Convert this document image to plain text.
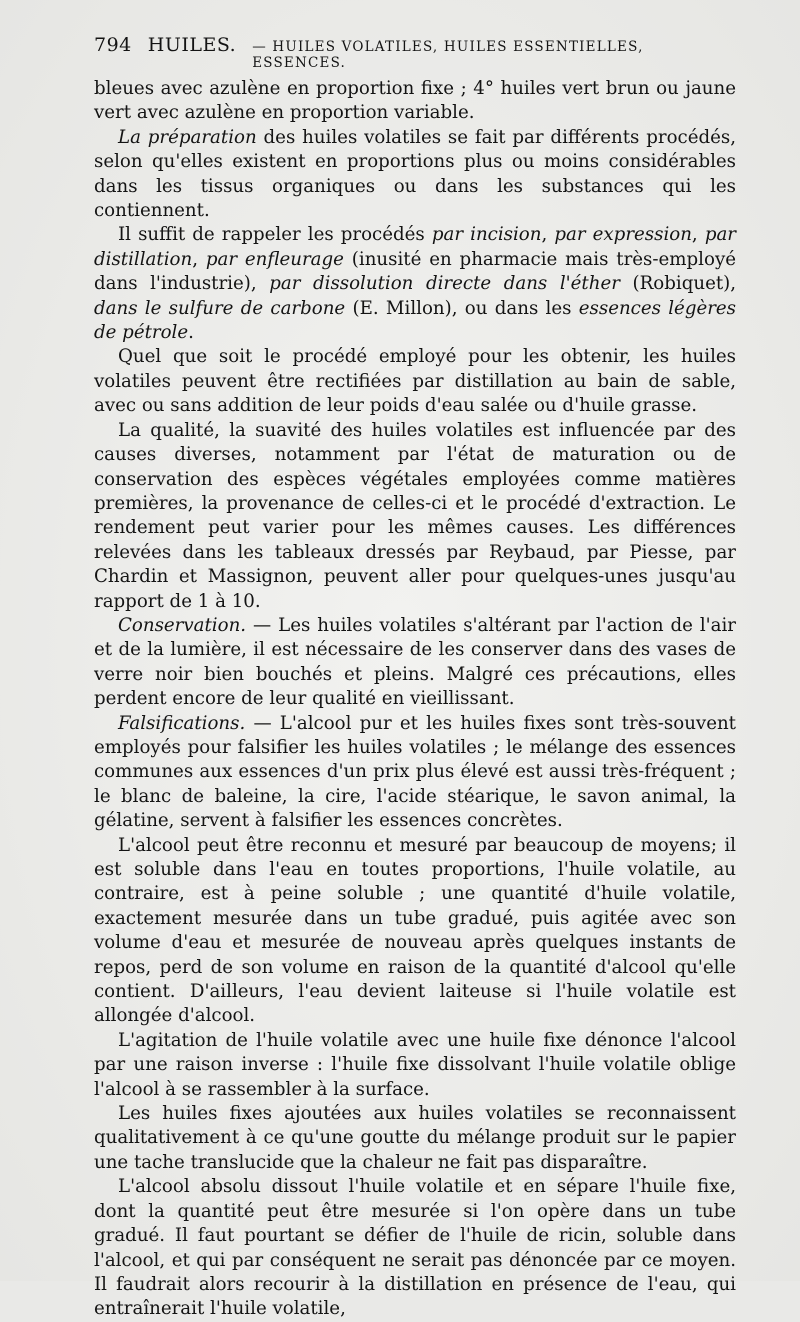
794 HUILES. — HUILES VOLATILES, HUILES ESSENTIELLES, ESSENCES.

bleues avec azulène en proportion fixe ; 4° huiles vert brun ou jaune vert avec azulène en proportion variable.

La préparation des huiles volatiles se fait par différents procédés, selon qu'elles existent en proportions plus ou moins considérables dans les tissus organiques ou dans les substances qui les contiennent.

Il suffit de rappeler les procédés par incision, par expression, par distillation, par enfleurage (inusité en pharmacie mais très-employé dans l'industrie), par dissolution directe dans l'éther (Robiquet), dans le sulfure de carbone (E. Millon), ou dans les essences légères de pétrole.

Quel que soit le procédé employé pour les obtenir, les huiles volatiles peuvent être rectifiées par distillation au bain de sable, avec ou sans addition de leur poids d'eau salée ou d'huile grasse.

La qualité, la suavité des huiles volatiles est influencée par des causes diverses, notamment par l'état de maturation ou de conservation des espèces végétales employées comme matières premières, la provenance de celles-ci et le procédé d'extraction. Le rendement peut varier pour les mêmes causes. Les différences relevées dans les tableaux dressés par Reybaud, par Piesse, par Chardin et Massignon, peuvent aller pour quelques-unes jusqu'au rapport de 1 à 10.

Conservation. — Les huiles volatiles s'altérant par l'action de l'air et de la lumière, il est nécessaire de les conserver dans des vases de verre noir bien bouchés et pleins. Malgré ces précautions, elles perdent encore de leur qualité en vieillissant.

Falsifications. — L'alcool pur et les huiles fixes sont très-souvent employés pour falsifier les huiles volatiles ; le mélange des essences communes aux essences d'un prix plus élevé est aussi très-fréquent ; le blanc de baleine, la cire, l'acide stéarique, le savon animal, la gélatine, servent à falsifier les essences concrètes.

L'alcool peut être reconnu et mesuré par beaucoup de moyens; il est soluble dans l'eau en toutes proportions, l'huile volatile, au contraire, est à peine soluble ; une quantité d'huile volatile, exactement mesurée dans un tube gradué, puis agitée avec son volume d'eau et mesurée de nouveau après quelques instants de repos, perd de son volume en raison de la quantité d'alcool qu'elle contient. D'ailleurs, l'eau devient laiteuse si l'huile volatile est allongée d'alcool.

L'agitation de l'huile volatile avec une huile fixe dénonce l'alcool par une raison inverse : l'huile fixe dissolvant l'huile volatile oblige l'alcool à se rassembler à la surface.

Les huiles fixes ajoutées aux huiles volatiles se reconnaissent qualitativement à ce qu'une goutte du mélange produit sur le papier une tache translucide que la chaleur ne fait pas disparaître.

L'alcool absolu dissout l'huile volatile et en sépare l'huile fixe, dont la quantité peut être mesurée si l'on opère dans un tube gradué. Il faut pourtant se défier de l'huile de ricin, soluble dans l'alcool, et qui par conséquent ne serait pas dénoncée par ce moyen. Il faudrait alors recourir à la distillation en présence de l'eau, qui entraînerait l'huile volatile,
